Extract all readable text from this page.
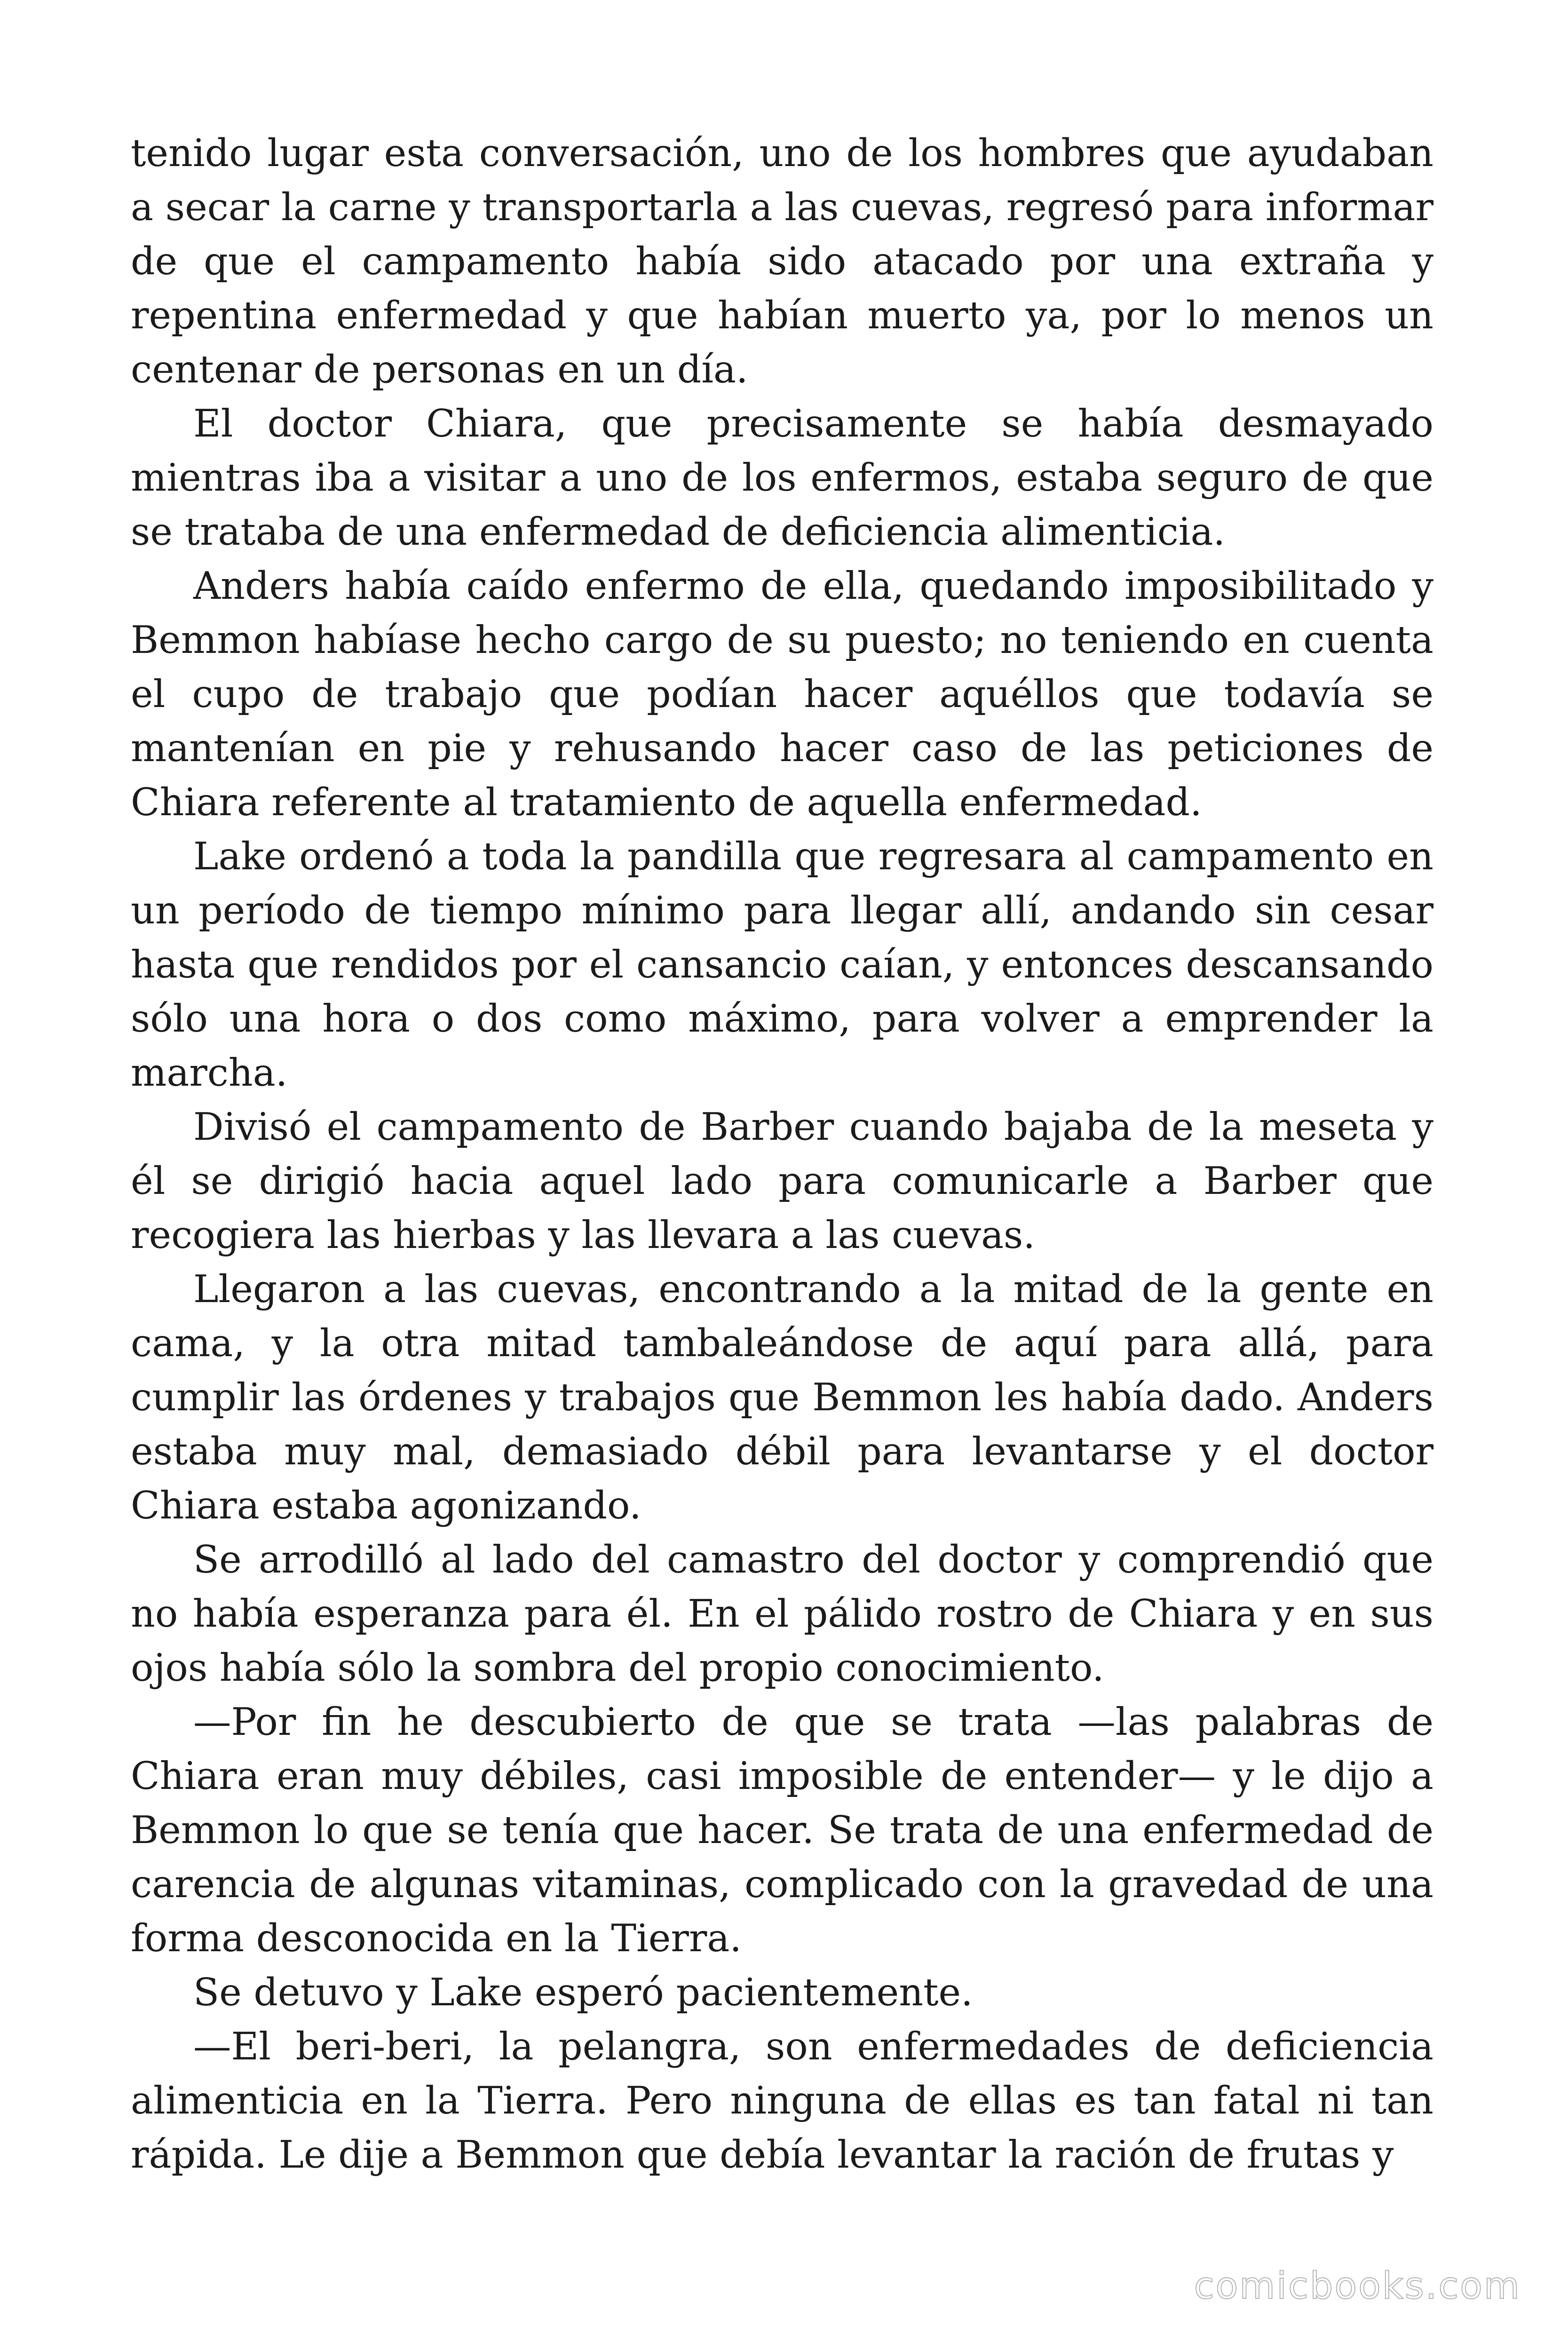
tenido lugar esta conversación, uno de los hombres que ayudaban a secar la carne y transportarla a las cuevas, regresó para informar de que el campamento había sido atacado por una extraña y repentina enfermedad y que habían muerto ya, por lo menos un centenar de personas en un día.

El doctor Chiara, que precisamente se había desmayado mientras iba a visitar a uno de los enfermos, estaba seguro de que se trataba de una enfermedad de deficiencia alimenticia.

Anders había caído enfermo de ella, quedando imposibilitado y Bemmon habíase hecho cargo de su puesto; no teniendo en cuenta el cupo de trabajo que podían hacer aquéllos que todavía se mantenían en pie y rehusando hacer caso de las peticiones de Chiara referente al tratamiento de aquella enfermedad.

Lake ordenó a toda la pandilla que regresara al campamento en un período de tiempo mínimo para llegar allí, andando sin cesar hasta que rendidos por el cansancio caían, y entonces descansando sólo una hora o dos como máximo, para volver a emprender la marcha.

Divisó el campamento de Barber cuando bajaba de la meseta y él se dirigió hacia aquel lado para comunicarle a Barber que recogiera las hierbas y las llevara a las cuevas.

Llegaron a las cuevas, encontrando a la mitad de la gente en cama, y la otra mitad tambaleándose de aquí para allá, para cumplir las órdenes y trabajos que Bemmon les había dado. Anders estaba muy mal, demasiado débil para levantarse y el doctor Chiara estaba agonizando.

Se arrodilló al lado del camastro del doctor y comprendió que no había esperanza para él. En el pálido rostro de Chiara y en sus ojos había sólo la sombra del propio conocimiento.

—Por fin he descubierto de que se trata —las palabras de Chiara eran muy débiles, casi imposible de entender— y le dijo a Bemmon lo que se tenía que hacer. Se trata de una enfermedad de carencia de algunas vitaminas, complicado con la gravedad de una forma desconocida en la Tierra.

Se detuvo y Lake esperó pacientemente.

—El beri-beri, la pelangra, son enfermedades de deficiencia alimenticia en la Tierra. Pero ninguna de ellas es tan fatal ni tan rápida. Le dije a Bemmon que debía levantar la ración de frutas y

comicbooks.com
